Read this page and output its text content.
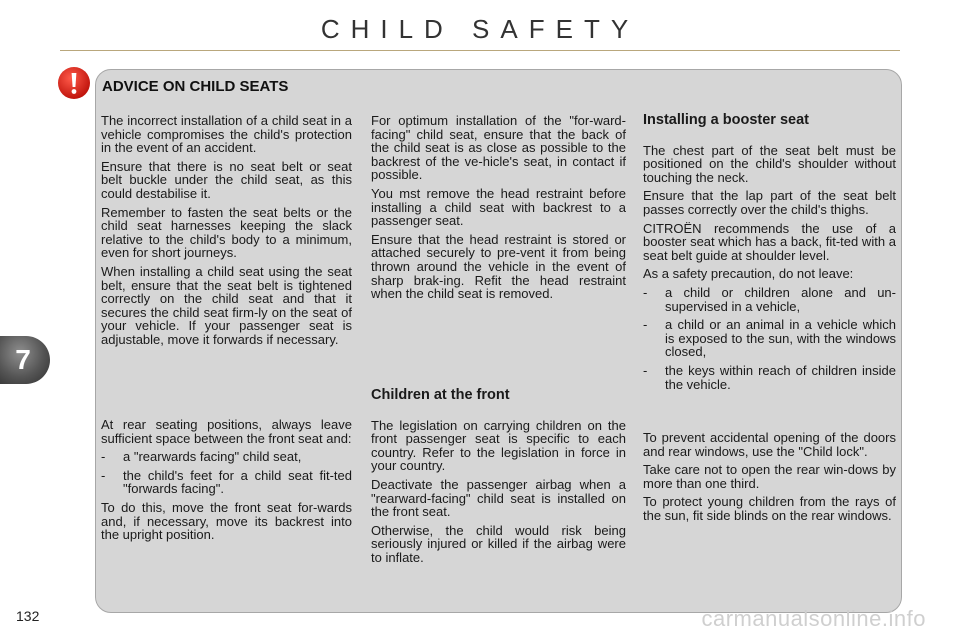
CHILD SAFETY
7
ADVICE ON CHILD SEATS

The incorrect installation of a child seat in a vehicle compromises the child's protection in the event of an accident.

Ensure that there is no seat belt or seat belt buckle under the child seat, as this could destabilise it.

Remember to fasten the seat belts or the child seat harnesses keeping the slack relative to the child's body to a minimum, even for short journeys.

When installing a child seat using the seat belt, ensure that the seat belt is tightened correctly on the child seat and that it secures the child seat firm-ly on the seat of your vehicle. If your passenger seat is adjustable, move it forwards if necessary.

At rear seating positions, always leave sufficient space between the front seat and:

-	a "rearwards facing" child seat,
-	the child's feet for a child seat fit-ted "forwards facing".

To do this, move the front seat for-wards and, if necessary, move its backrest into the upright position.

For optimum installation of the "for-ward-facing" child seat, ensure that the back of the child seat is as close as possible to the backrest of the ve-hicle's seat, in contact if possible.

You mst remove the head restraint before installing a child seat with backrest to a passenger seat.

Ensure that the head restraint is stored or attached securely to pre-vent it from being thrown around the vehicle in the event of sharp brak-ing. Refit the head restraint when the child seat is removed.

Children at the front

The legislation on carrying children on the front passenger seat is specific to each country. Refer to the legislation in force in your country.

Deactivate the passenger airbag when a "rearward-facing" child seat is installed on the front seat.

Otherwise, the child would risk being seriously injured or killed if the airbag were to inflate.

Installing a booster seat

The chest part of the seat belt must be positioned on the child's shoulder without touching the neck.

Ensure that the lap part of the seat belt passes correctly over the child's thighs.

CITROËN recommends the use of a booster seat which has a back, fit-ted with a seat belt guide at shoulder level.

As a safety precaution, do not leave:

-	a child or children alone and un-supervised in a vehicle,
-	a child or an animal in a vehicle which is exposed to the sun, with the windows closed,
-	the keys within reach of children inside the vehicle.

To prevent accidental opening of the doors and rear windows, use the "Child lock".

Take care not to open the rear win-dows by more than one third.

To protect young children from the rays of the sun, fit side blinds on the rear windows.

132	carmanualsonline.info
